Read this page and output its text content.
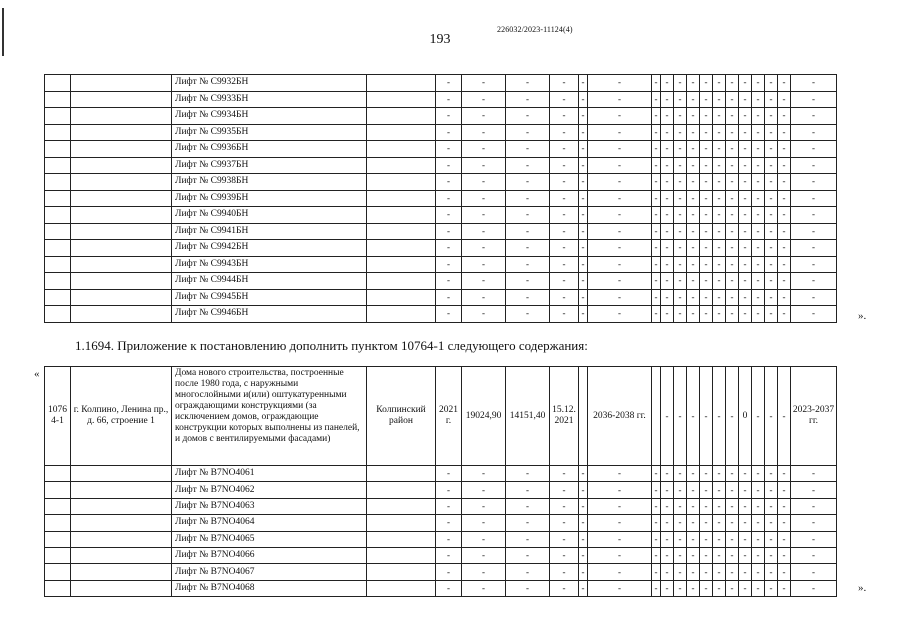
226032/2023-11124(4)
193
		Лифт № С9932БН		-	-	-	-	-	-	-	-	-	-	-	-	-	-	-	-	-	-
		Лифт № С9933БН		-	-	-	-	-	-	-	-	-	-	-	-	-	-	-	-	-	-
		Лифт № С9934БН		-	-	-	-	-	-	-	-	-	-	-	-	-	-	-	-	-	-
		Лифт № С9935БН		-	-	-	-	-	-	-	-	-	-	-	-	-	-	-	-	-	-
		Лифт № С9936БН		-	-	-	-	-	-	-	-	-	-	-	-	-	-	-	-	-	-
		Лифт № С9937БН		-	-	-	-	-	-	-	-	-	-	-	-	-	-	-	-	-	-
		Лифт № С9938БН		-	-	-	-	-	-	-	-	-	-	-	-	-	-	-	-	-	-
		Лифт № С9939БН		-	-	-	-	-	-	-	-	-	-	-	-	-	-	-	-	-	-
		Лифт № С9940БН		-	-	-	-	-	-	-	-	-	-	-	-	-	-	-	-	-	-
		Лифт № С9941БН		-	-	-	-	-	-	-	-	-	-	-	-	-	-	-	-	-	-
		Лифт № С9942БН		-	-	-	-	-	-	-	-	-	-	-	-	-	-	-	-	-	-
		Лифт № С9943БН		-	-	-	-	-	-	-	-	-	-	-	-	-	-	-	-	-	-
		Лифт № С9944БН		-	-	-	-	-	-	-	-	-	-	-	-	-	-	-	-	-	-
		Лифт № С9945БН		-	-	-	-	-	-	-	-	-	-	-	-	-	-	-	-	-	-
		Лифт № С9946БН		-	-	-	-	-	-	-	-	-	-	-	-	-	-	-	-	-	-	».
1.1694. Приложение к постановлению дополнить пунктом 10764-1 следующего содержания:
«
1076 4-1	г. Колпино, Ленина пр., д. 66, строение 1	Дома нового строительства, построенные после 1980 года, с наружными многослойными и(или) оштукатуренными ограждающими конструкциями (за исключением домов, ограждающие конструкции которых выполнены из панелей, и домов с вентилируемыми фасадами)	Колпинский район	2021 г.	19024,90	14151,40	15.12. 2021		2036-2038 гг.		-	-	-	-	-	-	0	-	-	-	2023-2037 гг.
		Лифт № В7NO4061		-	-	-	-	-	-	-	-	-	-	-	-	-	-	-	-	-	-
		Лифт № В7NO4062		-	-	-	-	-	-	-	-	-	-	-	-	-	-	-	-	-	-
		Лифт № В7NO4063		-	-	-	-	-	-	-	-	-	-	-	-	-	-	-	-	-	-
		Лифт № В7NO4064		-	-	-	-	-	-	-	-	-	-	-	-	-	-	-	-	-	-
		Лифт № В7NO4065		-	-	-	-	-	-	-	-	-	-	-	-	-	-	-	-	-	-
		Лифт № В7NO4066		-	-	-	-	-	-	-	-	-	-	-	-	-	-	-	-	-	-
		Лифт № В7NO4067		-	-	-	-	-	-	-	-	-	-	-	-	-	-	-	-	-	-
		Лифт № В7NO4068		-	-	-	-	-	-	-	-	-	-	-	-	-	-	-	-	-	-	».
